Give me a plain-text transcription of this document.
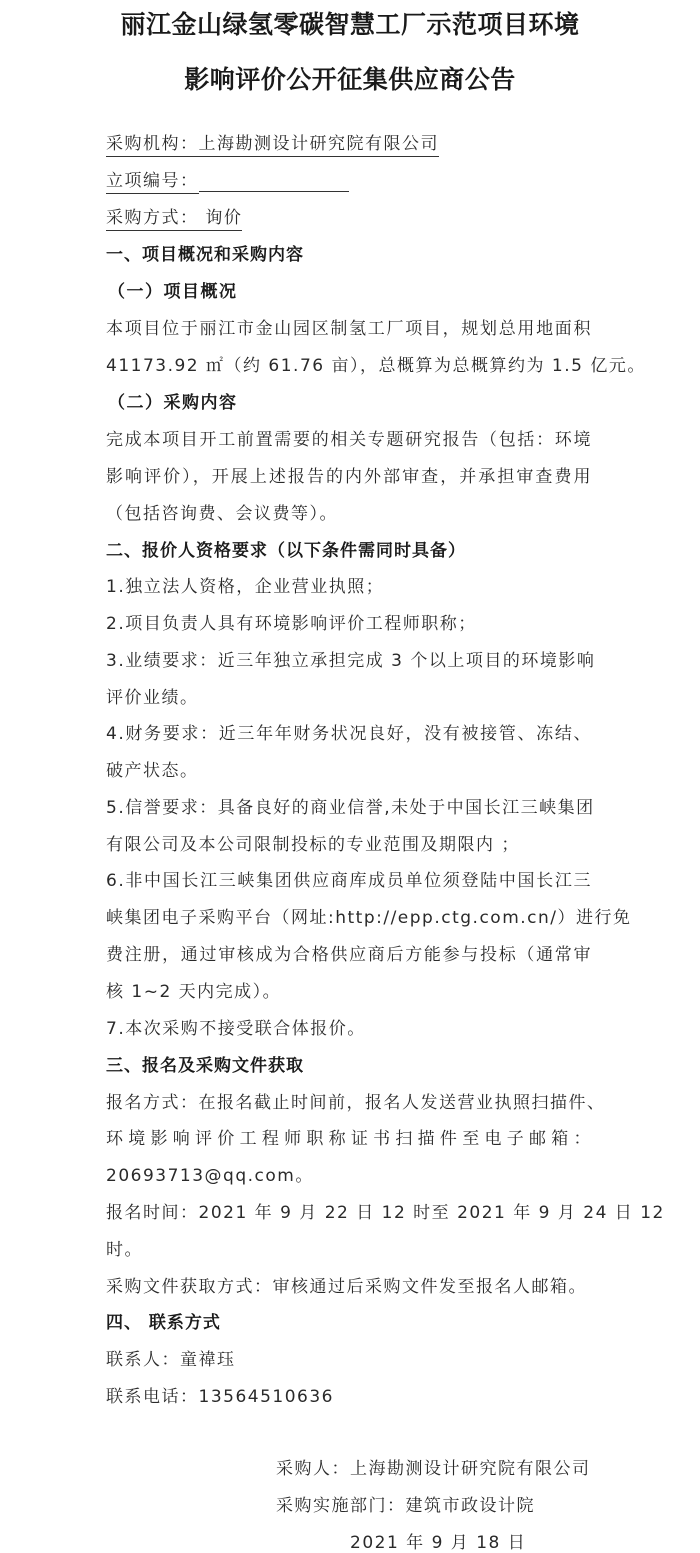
丽江金山绿氢零碳智慧工厂示范项目环境
影响评价公开征集供应商公告
采购机构：上海勘测设计研究院有限公司
立项编号：
采购方式： 询价
一、项目概况和采购内容
（一）项目概况
本项目位于丽江市金山园区制氢工厂项目，规划总用地面积
41173.92 ㎡（约 61.76 亩），总概算为总概算约为 1.5 亿元。
（二）采购内容
完成本项目开工前置需要的相关专题研究报告（包括：环境
影响评价），开展上述报告的内外部审查，并承担审查费用
（包括咨询费、会议费等）。
二、报价人资格要求（以下条件需同时具备）
1.独立法人资格，企业营业执照；
2.项目负责人具有环境影响评价工程师职称；
3.业绩要求：近三年独立承担完成 3 个以上项目的环境影响
评价业绩。
4.财务要求：近三年年财务状况良好，没有被接管、冻结、
破产状态。
5.信誉要求：具备良好的商业信誉,未处于中国长江三峡集团
有限公司及本公司限制投标的专业范围及期限内 ；
6.非中国长江三峡集团供应商库成员单位须登陆中国长江三
峡集团电子采购平台（网址:http://epp.ctg.com.cn/）进行免
费注册，通过审核成为合格供应商后方能参与投标（通常审
核 1~2 天内完成）。
7.本次采购不接受联合体报价。
三、报名及采购文件获取
报名方式：在报名截止时间前，报名人发送营业执照扫描件、
环境影响评价工程师职称证书扫描件至电子邮箱：
20693713@qq.com。
报名时间：2021 年 9 月 22 日 12 时至 2021 年 9 月 24 日 12
时。
采购文件获取方式：审核通过后采购文件发至报名人邮箱。
四、 联系方式
联系人：童禕珏
联系电话：13564510636
采购人：上海勘测设计研究院有限公司
采购实施部门：建筑市政设计院
2021 年 9 月 18 日
